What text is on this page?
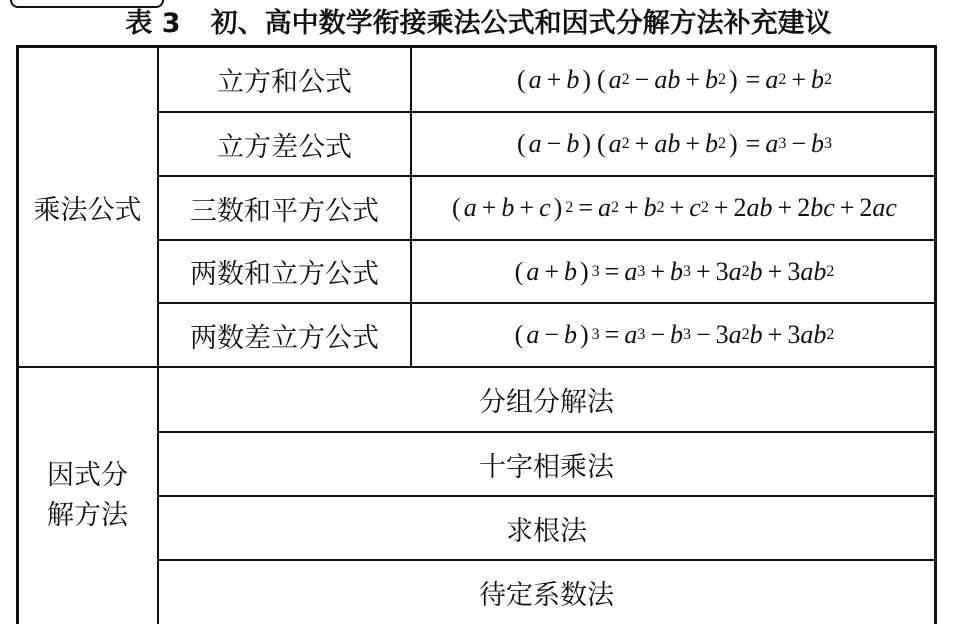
表 3 初、高中数学衔接乘法公式和因式分解方法补充建议
乘法公式
因式分
解方法
立方和公式
立方差公式
三数和平方公式
两数和立方公式
两数差立方公式
( a + b ) ( a 2 − ab + b 2 ) = a 2 + b 2
( a − b ) ( a 2 + ab + b 2 ) = a 3 − b 3
( a + b + c ) 2 = a 2 + b 2 + c 2 + 2 ab + 2 bc + 2 ac
( a + b ) 3 = a 3 + b 3 + 3 a 2 b + 3 ab 2
( a − b ) 3 = a 3 − b 3 − 3 a 2 b + 3 ab 2
分组分解法
十字相乘法
求根法
待定系数法
